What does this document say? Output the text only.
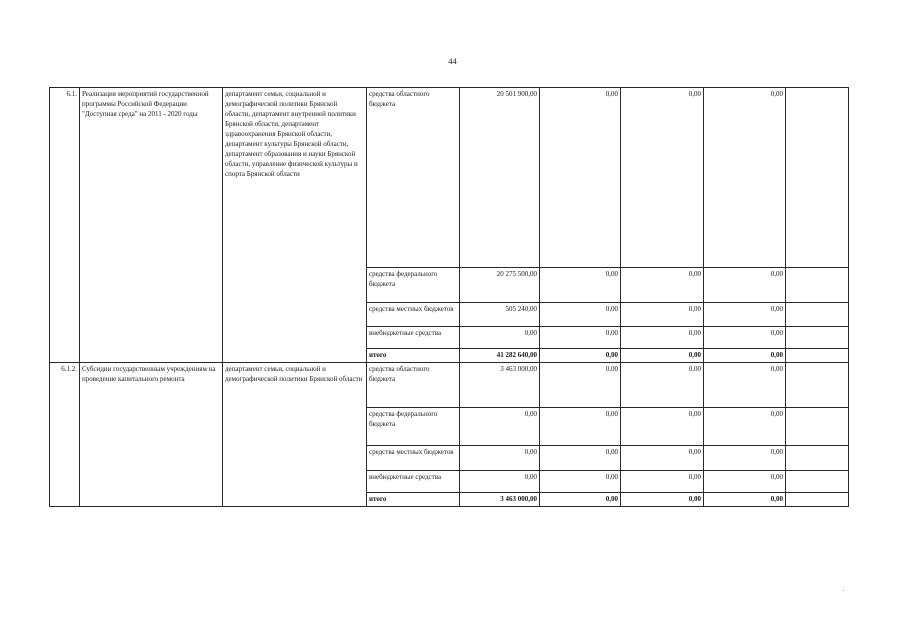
44
6.1.	Реализация мероприятий государственной программы Российской Федерации "Доступная среда" на 2011 - 2020 годы	департамент семьи, социальной и демографической политики Брянской области, департамент внутренней политики Брянской области, департамент здравоохранения Брянской области, департамент культуры Брянской области, департамент образования и науки Брянской области, управление физической культуры и спорта Брянской области	средства областного бюджета	20 501 900,00	0,00	0,00	0,00	
			средства федерального бюджета	20 275 500,00	0,00	0,00	0,00	
			средства местных бюджетов	505 240,00	0,00	0,00	0,00	
			внебюджетные средства	0,00	0,00	0,00	0,00	
			итого	41 282 640,00	0,00	0,00	0,00	
6.1.2.	Субсидии государственным учреждениям на проведение капитального ремонта	департамент семьи, социальной и демографической политики Брянской области	средства областного бюджета	3 463 000,00	0,00	0,00	0,00	
			средства федерального бюджета	0,00	0,00	0,00	0,00	
			средства местных бюджетов	0,00	0,00	0,00	0,00	
			внебюджетные средства	0,00	0,00	0,00	0,00	
			итого	3 463 000,00	0,00	0,00	0,00	
